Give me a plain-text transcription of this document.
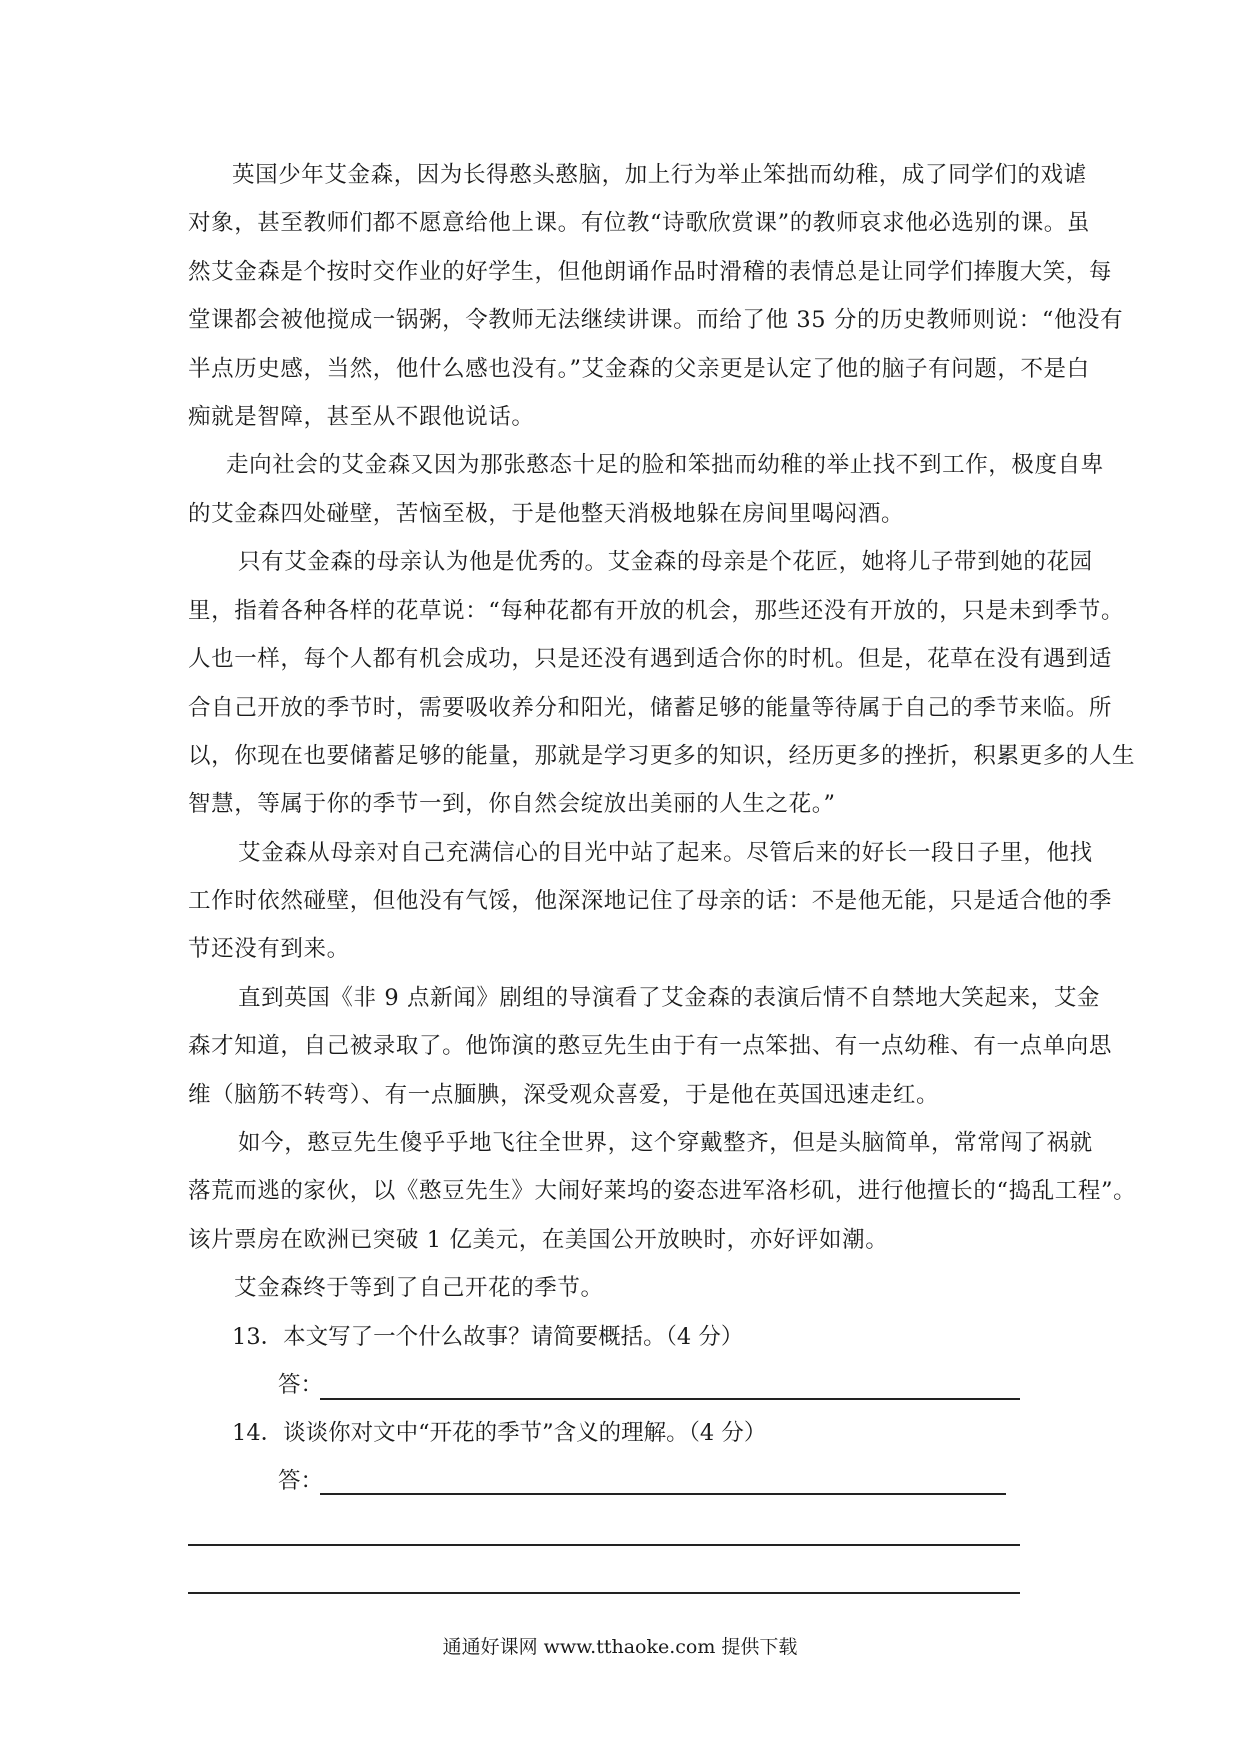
英国少年艾金森，因为长得憨头憨脑，加上行为举止笨拙而幼稚，成了同学们的戏谑
对象，甚至教师们都不愿意给他上课。有位教“诗歌欣赏课”的教师哀求他必选别的课。虽
然艾金森是个按时交作业的好学生，但他朗诵作品时滑稽的表情总是让同学们捧腹大笑，每
堂课都会被他搅成一锅粥，令教师无法继续讲课。而给了他 35 分的历史教师则说：“他没有
半点历史感，当然，他什么感也没有。”艾金森的父亲更是认定了他的脑子有问题，不是白
痴就是智障，甚至从不跟他说话。
走向社会的艾金森又因为那张憨态十足的脸和笨拙而幼稚的举止找不到工作，极度自卑
的艾金森四处碰壁，苦恼至极，于是他整天消极地躲在房间里喝闷酒。
只有艾金森的母亲认为他是优秀的。艾金森的母亲是个花匠，她将儿子带到她的花园
里，指着各种各样的花草说：“每种花都有开放的机会，那些还没有开放的，只是未到季节。
人也一样，每个人都有机会成功，只是还没有遇到适合你的时机。但是，花草在没有遇到适
合自己开放的季节时，需要吸收养分和阳光，储蓄足够的能量等待属于自己的季节来临。所
以，你现在也要储蓄足够的能量，那就是学习更多的知识，经历更多的挫折，积累更多的人生
智慧，等属于你的季节一到，你自然会绽放出美丽的人生之花。”
艾金森从母亲对自己充满信心的目光中站了起来。尽管后来的好长一段日子里，他找
工作时依然碰壁，但他没有气馁，他深深地记住了母亲的话：不是他无能，只是适合他的季
节还没有到来。
直到英国《非 9 点新闻》剧组的导演看了艾金森的表演后情不自禁地大笑起来，艾金
森才知道，自己被录取了。他饰演的憨豆先生由于有一点笨拙、有一点幼稚、有一点单向思
维（脑筋不转弯）、有一点腼腆，深受观众喜爱，于是他在英国迅速走红。
如今，憨豆先生傻乎乎地飞往全世界，这个穿戴整齐，但是头脑简单，常常闯了祸就
落荒而逃的家伙，以《憨豆先生》大闹好莱坞的姿态进军洛杉矶，进行他擅长的“捣乱工程”。
该片票房在欧洲已突破 1 亿美元，在美国公开放映时，亦好评如潮。
艾金森终于等到了自己开花的季节。
13．本文写了一个什么故事？请简要概括。（4 分）
答：
14．谈谈你对文中“开花的季节”含义的理解。（4 分）
答：
通通好课网 www.tthaoke.com 提供下载
